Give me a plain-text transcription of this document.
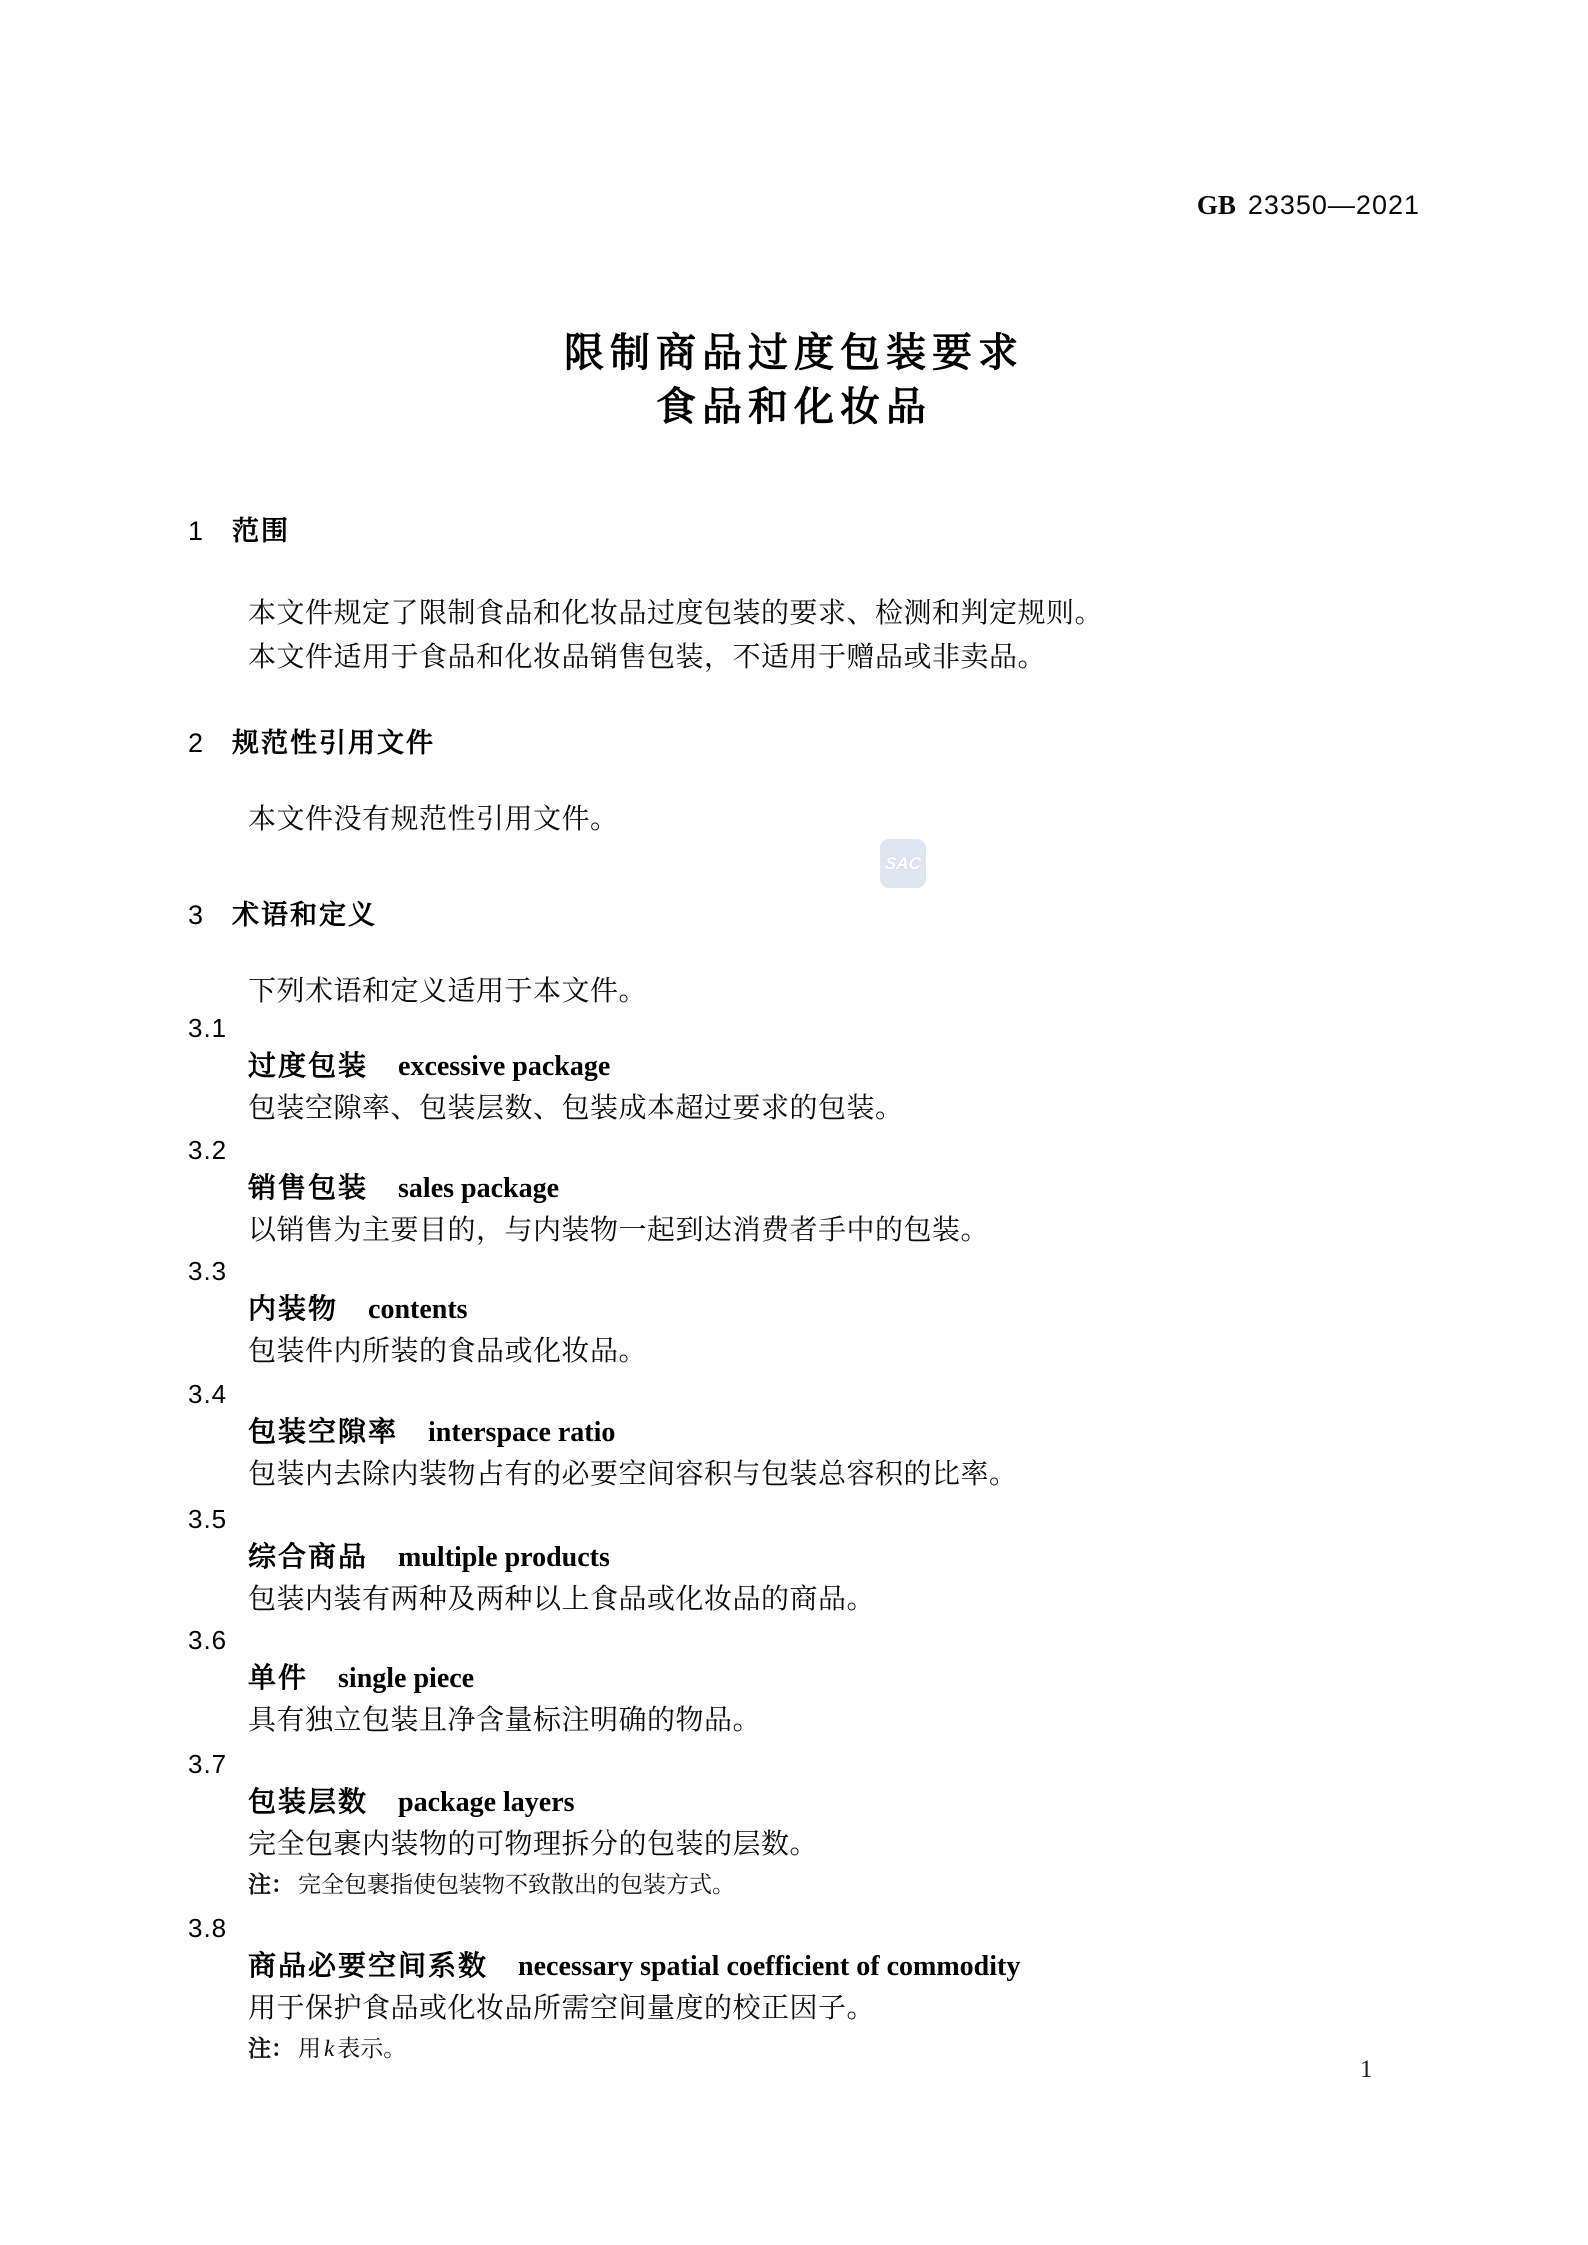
GB 23350—2021
限制商品过度包装要求
食品和化妆品
1 范围
本文件规定了限制食品和化妆品过度包装的要求、检测和判定规则。
本文件适用于食品和化妆品销售包装，不适用于赠品或非卖品。
2 规范性引用文件
本文件没有规范性引用文件。
SAC
3 术语和定义
下列术语和定义适用于本文件。
3.1
过度包装 excessive package
包装空隙率、包装层数、包装成本超过要求的包装。
3.2
销售包装 sales package
以销售为主要目的，与内装物一起到达消费者手中的包装。
3.3
内装物 contents
包装件内所装的食品或化妆品。
3.4
包装空隙率 interspace ratio
包装内去除内装物占有的必要空间容积与包装总容积的比率。
3.5
综合商品 multiple products
包装内装有两种及两种以上食品或化妆品的商品。
3.6
单件 single piece
具有独立包装且净含量标注明确的物品。
3.7
包装层数 package layers
完全包裹内装物的可物理拆分的包装的层数。
注： 完全包裹指使包装物不致散出的包装方式。
3.8
商品必要空间系数 necessary spatial coefficient of commodity
用于保护食品或化妆品所需空间量度的校正因子。
注： 用 k 表示。
1
